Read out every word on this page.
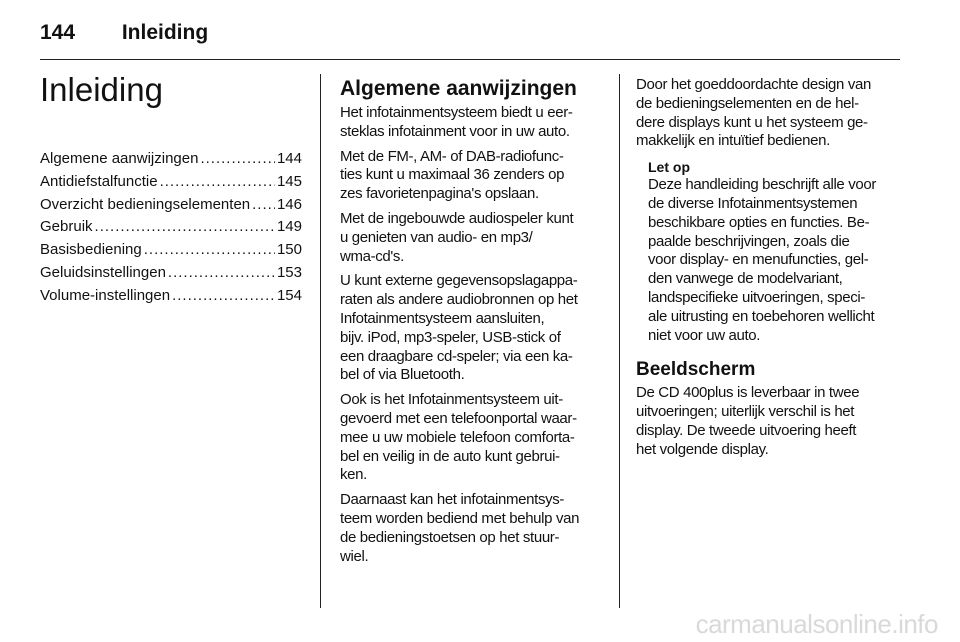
144 Inleiding
Inleiding
Algemene aanwijzingen .....	144
Antidiefstalfunctie .....	145
Overzicht bedieningselementen ..... 146
Gebruik .....	149
Basisbediening .....	150
Geluidsinstellingen .....	153
Volume-instellingen .....	154
Algemene aanwijzingen

Het infotainmentsysteem biedt u eer-
steklas infotainment voor in uw auto.

Met de FM-, AM- of DAB-radiofunc-
ties kunt u maximaal 36 zenders op
zes favorietenpagina's opslaan.

Met de ingebouwde audiospeler kunt
u genieten van audio- en mp3/
wma-cd's.

U kunt externe gegevensopslagappa-
raten als andere audiobronnen op het
Infotainmentsysteem aansluiten,
bijv. iPod, mp3-speler, USB-stick of
een draagbare cd-speler; via een ka-
bel of via Bluetooth.

Ook is het Infotainmentsysteem uit-
gevoerd met een telefoonportal waar-
mee u uw mobiele telefoon comforta-
bel en veilig in de auto kunt gebrui-
ken.

Daarnaast kan het infotainmentsys-
teem worden bediend met behulp van
de bedieningstoetsen op het stuur-
wiel.

Door het goeddoordachte design van
de bedieningselementen en de hel-
dere displays kunt u het systeem ge-
makkelijk en intuïtief bedienen.

Let op

Deze handleiding beschrijft alle voor
de diverse Infotainmentsystemen
beschikbare opties en functies. Be-
paalde beschrijvingen, zoals die
voor display- en menufuncties, gel-
den vanwege de modelvariant,
landspecifieke uitvoeringen, speci-
ale uitrusting en toebehoren wellicht
niet voor uw auto.

Beeldscherm

De CD 400plus is leverbaar in twee
uitvoeringen; uiterlijk verschil is het
display. De tweede uitvoering heeft
het volgende display.

carmanualsonline.info
